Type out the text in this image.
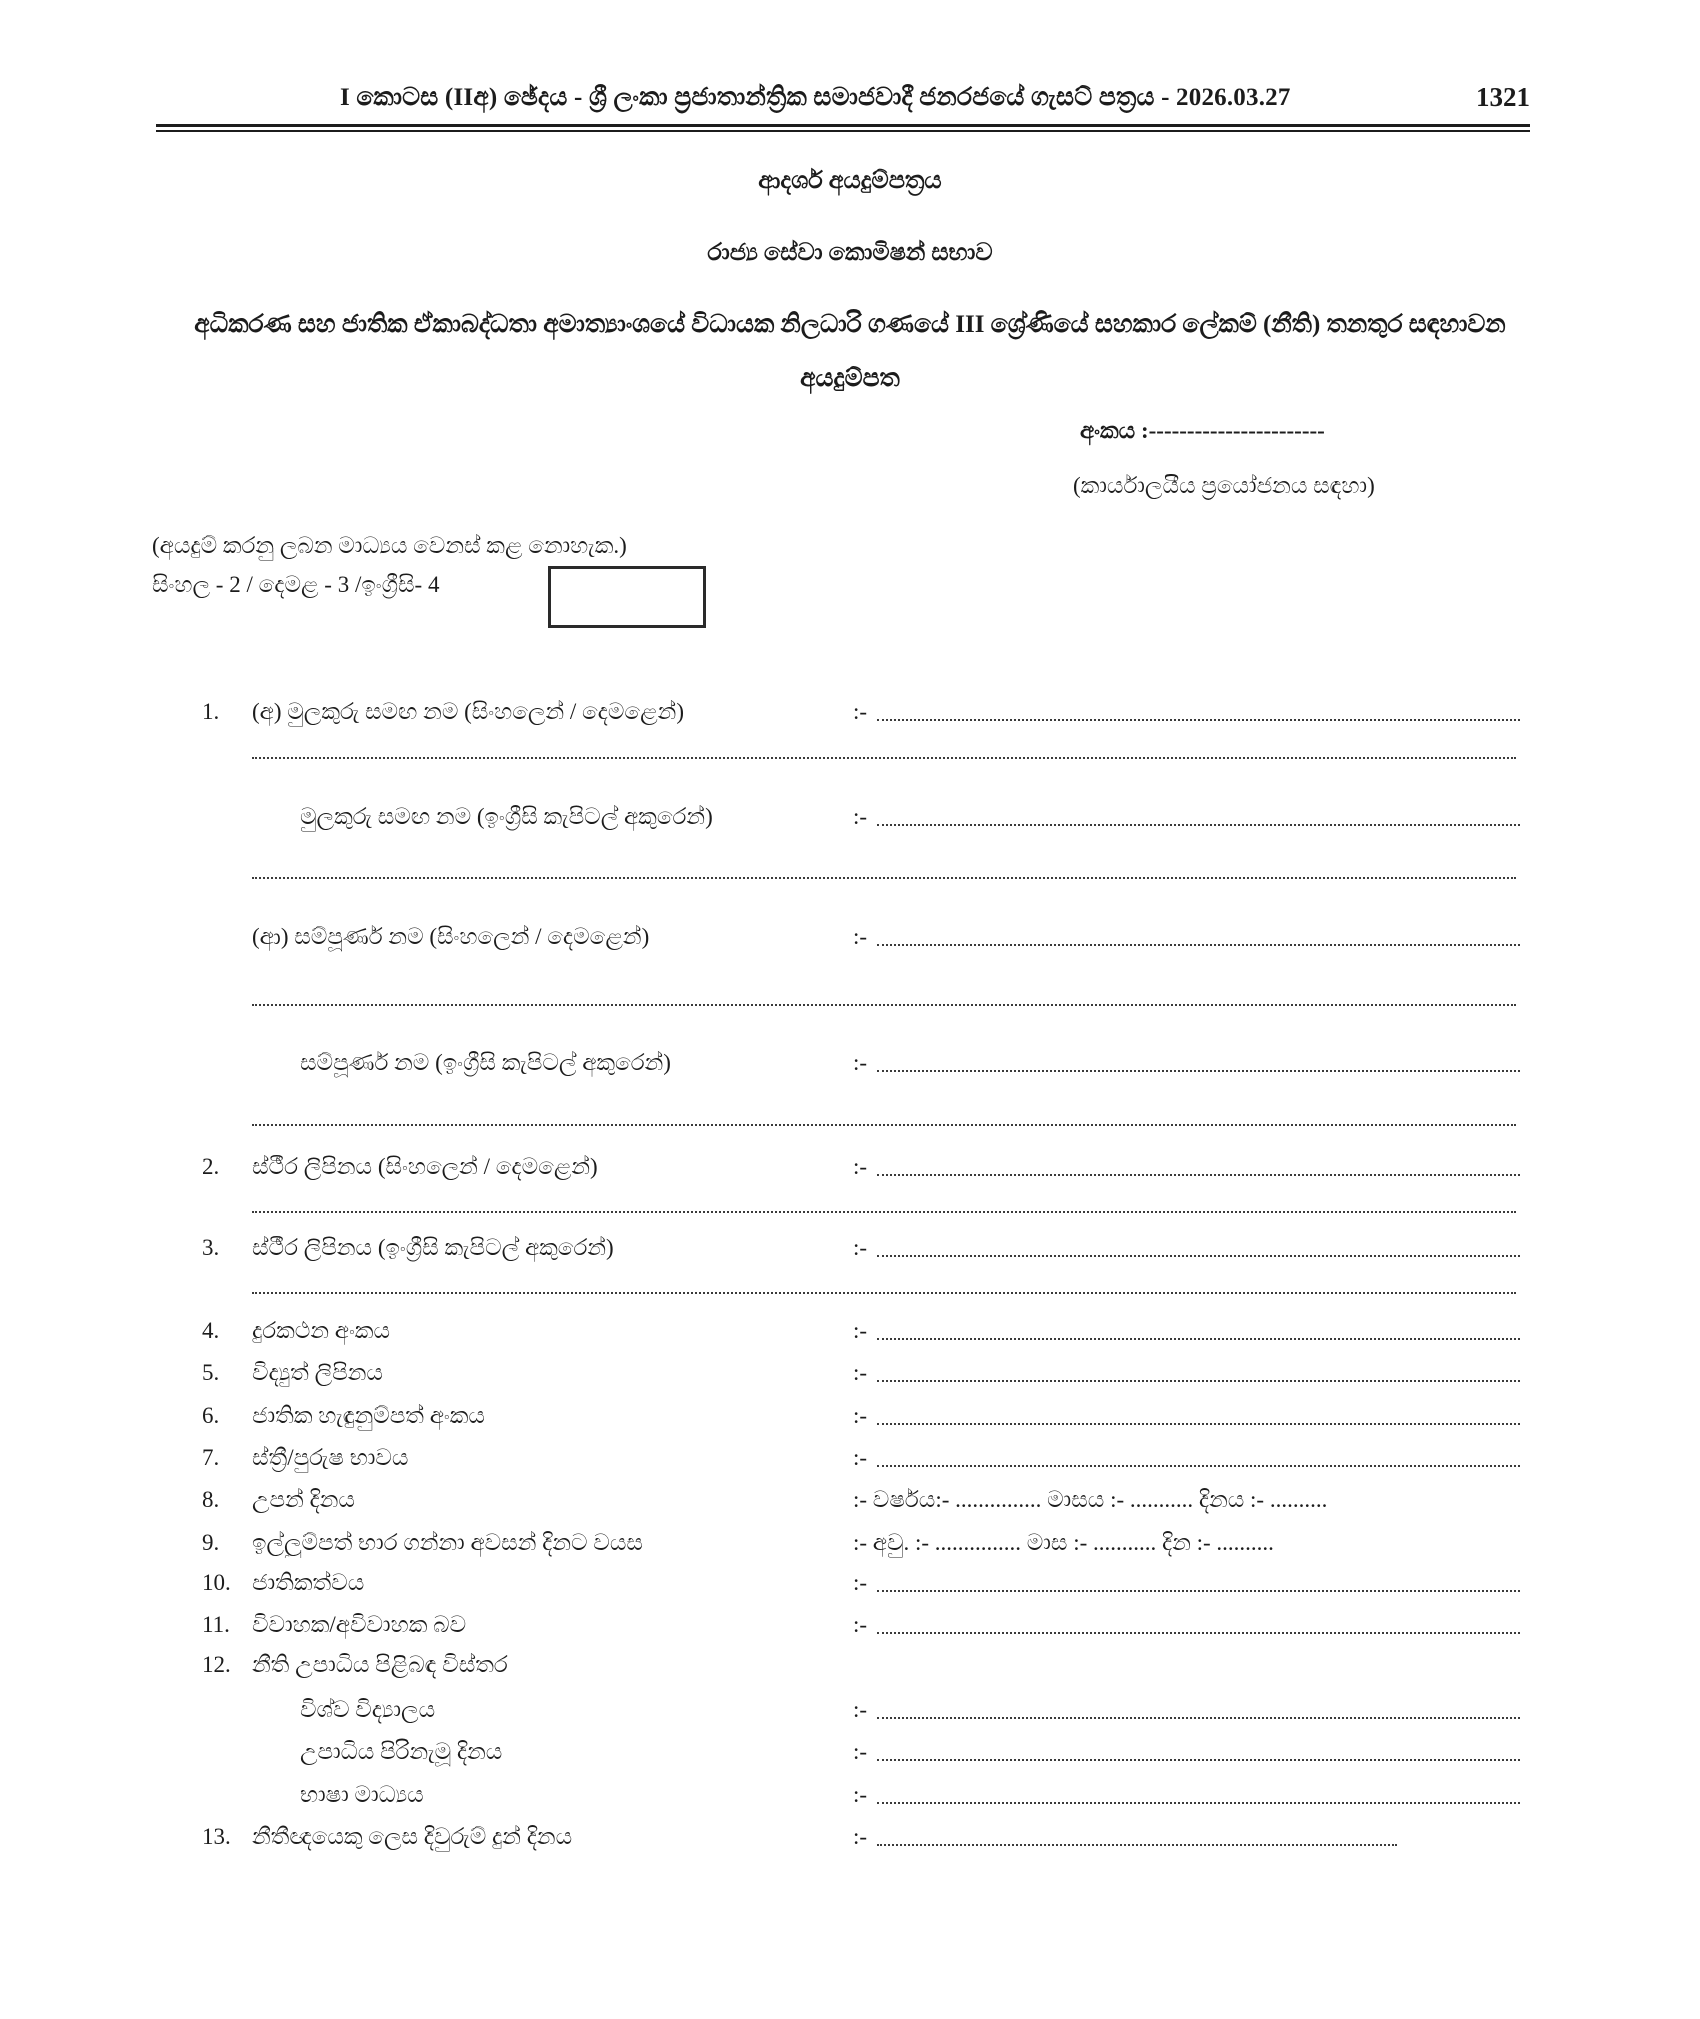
I කොටස (IIඅ) ඡේදය - ශ්‍රී ලංකා ප්‍රජාතාන්ත්‍රික සමාජවාදී ජනරජයේ ගැසට් පත්‍රය - 2026.03.27	1321
ආදර්ශ අයදුම්පත්‍රය
රාජ්‍ය සේවා කොමිෂන් සභාව
අධිකරණ සහ ජාතික ඒකාබද්ධතා අමාත්‍යාංශයේ විධායක නිලධාරි ගණයේ III ශ්‍රේණියේ සහකාර ලේකම් (නීති) තනතුර සඳහාවන
අයදුම්පත
අංකය :-----------------------
(කාර්යාලයීය ප්‍රයෝජනය සඳහා)
(අයදුම් කරනු ලබන මාධ්‍යය වෙනස් කළ නොහැක.)
සිංහල - 2 / දෙමළ - 3 /ඉංග්‍රීසි- 4
1.	(අ) මුලකුරු සමඟ නම (සිංහලෙන් / දෙමළෙන්)	:-
මුලකුරු සමඟ නම (ඉංග්‍රීසි කැපිටල් අකුරෙන්)	:-
(ආ) සම්පූර්ණ නම (සිංහලෙන් / දෙමළෙන්)	:-
සම්පූර්ණ නම (ඉංග්‍රීසි කැපිටල් අකුරෙන්)	:-
2.	ස්ථීර ලිපිනය (සිංහලෙන් / දෙමළෙන්)	:-
3.	ස්ථීර ලිපිනය (ඉංග්‍රීසි කැපිටල් අකුරෙන්)	:-
4.	දුරකථන අංකය	:-
5.	විද්‍යුත් ලිපිනය	:-
6.	ජාතික හැඳුනුම්පත් අංකය	:-
7.	ස්ත්‍රී/පුරුෂ භාවය	:-
8.	උපන් දිනය	:- වර්ෂය:- ............... මාසය :- ........... දිනය :- ..........
9.	ඉල්ලුම්පත් භාර ගන්නා අවසන් දිනට වයස	:- අවු. :- ............... මාස :- ........... දින :- ..........
10. ජාතිකත්වය	:-
11. විවාහක/අවිවාහක බව	:-
12. නීති උපාධිය පිළිබඳ විස්තර
විශ්ව විද්‍යාලය	:-
උපාධිය පිරිනැමූ දිනය	:-
භාෂා මාධ්‍යය	:-
13. නීතීඥයෙකු ලෙස දිවුරුම් දුන් දිනය	:-
